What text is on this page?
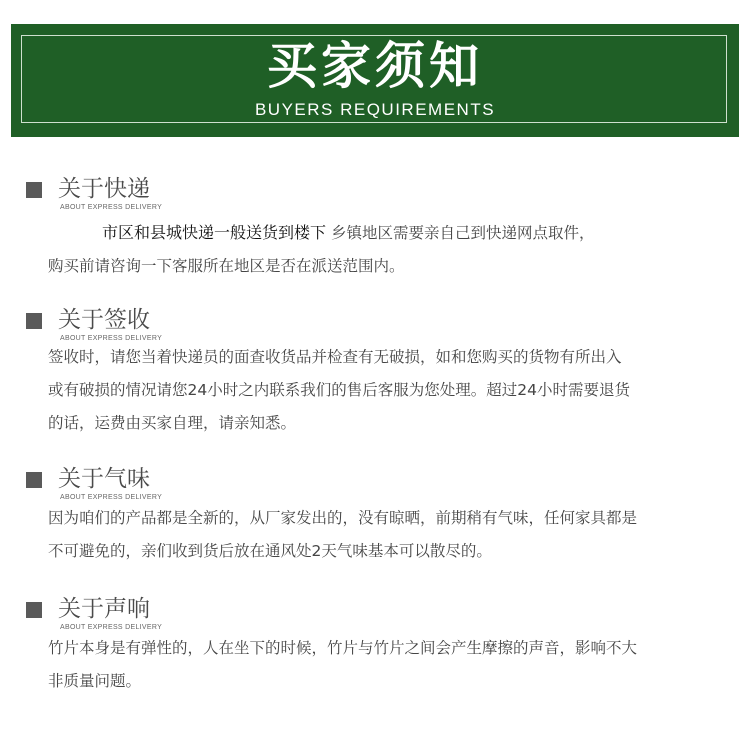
买家须知
BUYERS REQUIREMENTS
关于快递
ABOUT EXPRESS DELIVERY

市区和县城快递一般送货到楼下 乡镇地区需要亲自己到快递网点取件，

购买前请咨询一下客服所在地区是否在派送范围内。

关于签收
ABOUT EXPRESS DELIVERY

签收时，请您当着快递员的面查收货品并检查有无破损，如和您购买的货物有所出入

或有破损的情况请您24小时之内联系我们的售后客服为您处理。超过24小时需要退货

的话，运费由买家自理，请亲知悉。

关于气味
ABOUT EXPRESS DELIVERY

因为咱们的产品都是全新的，从厂家发出的，没有晾晒，前期稍有气味，任何家具都是

不可避免的，亲们收到货后放在通风处2天气味基本可以散尽的。

关于声响
ABOUT EXPRESS DELIVERY

竹片本身是有弹性的，人在坐下的时候，竹片与竹片之间会产生摩擦的声音，影响不大

非质量问题。
